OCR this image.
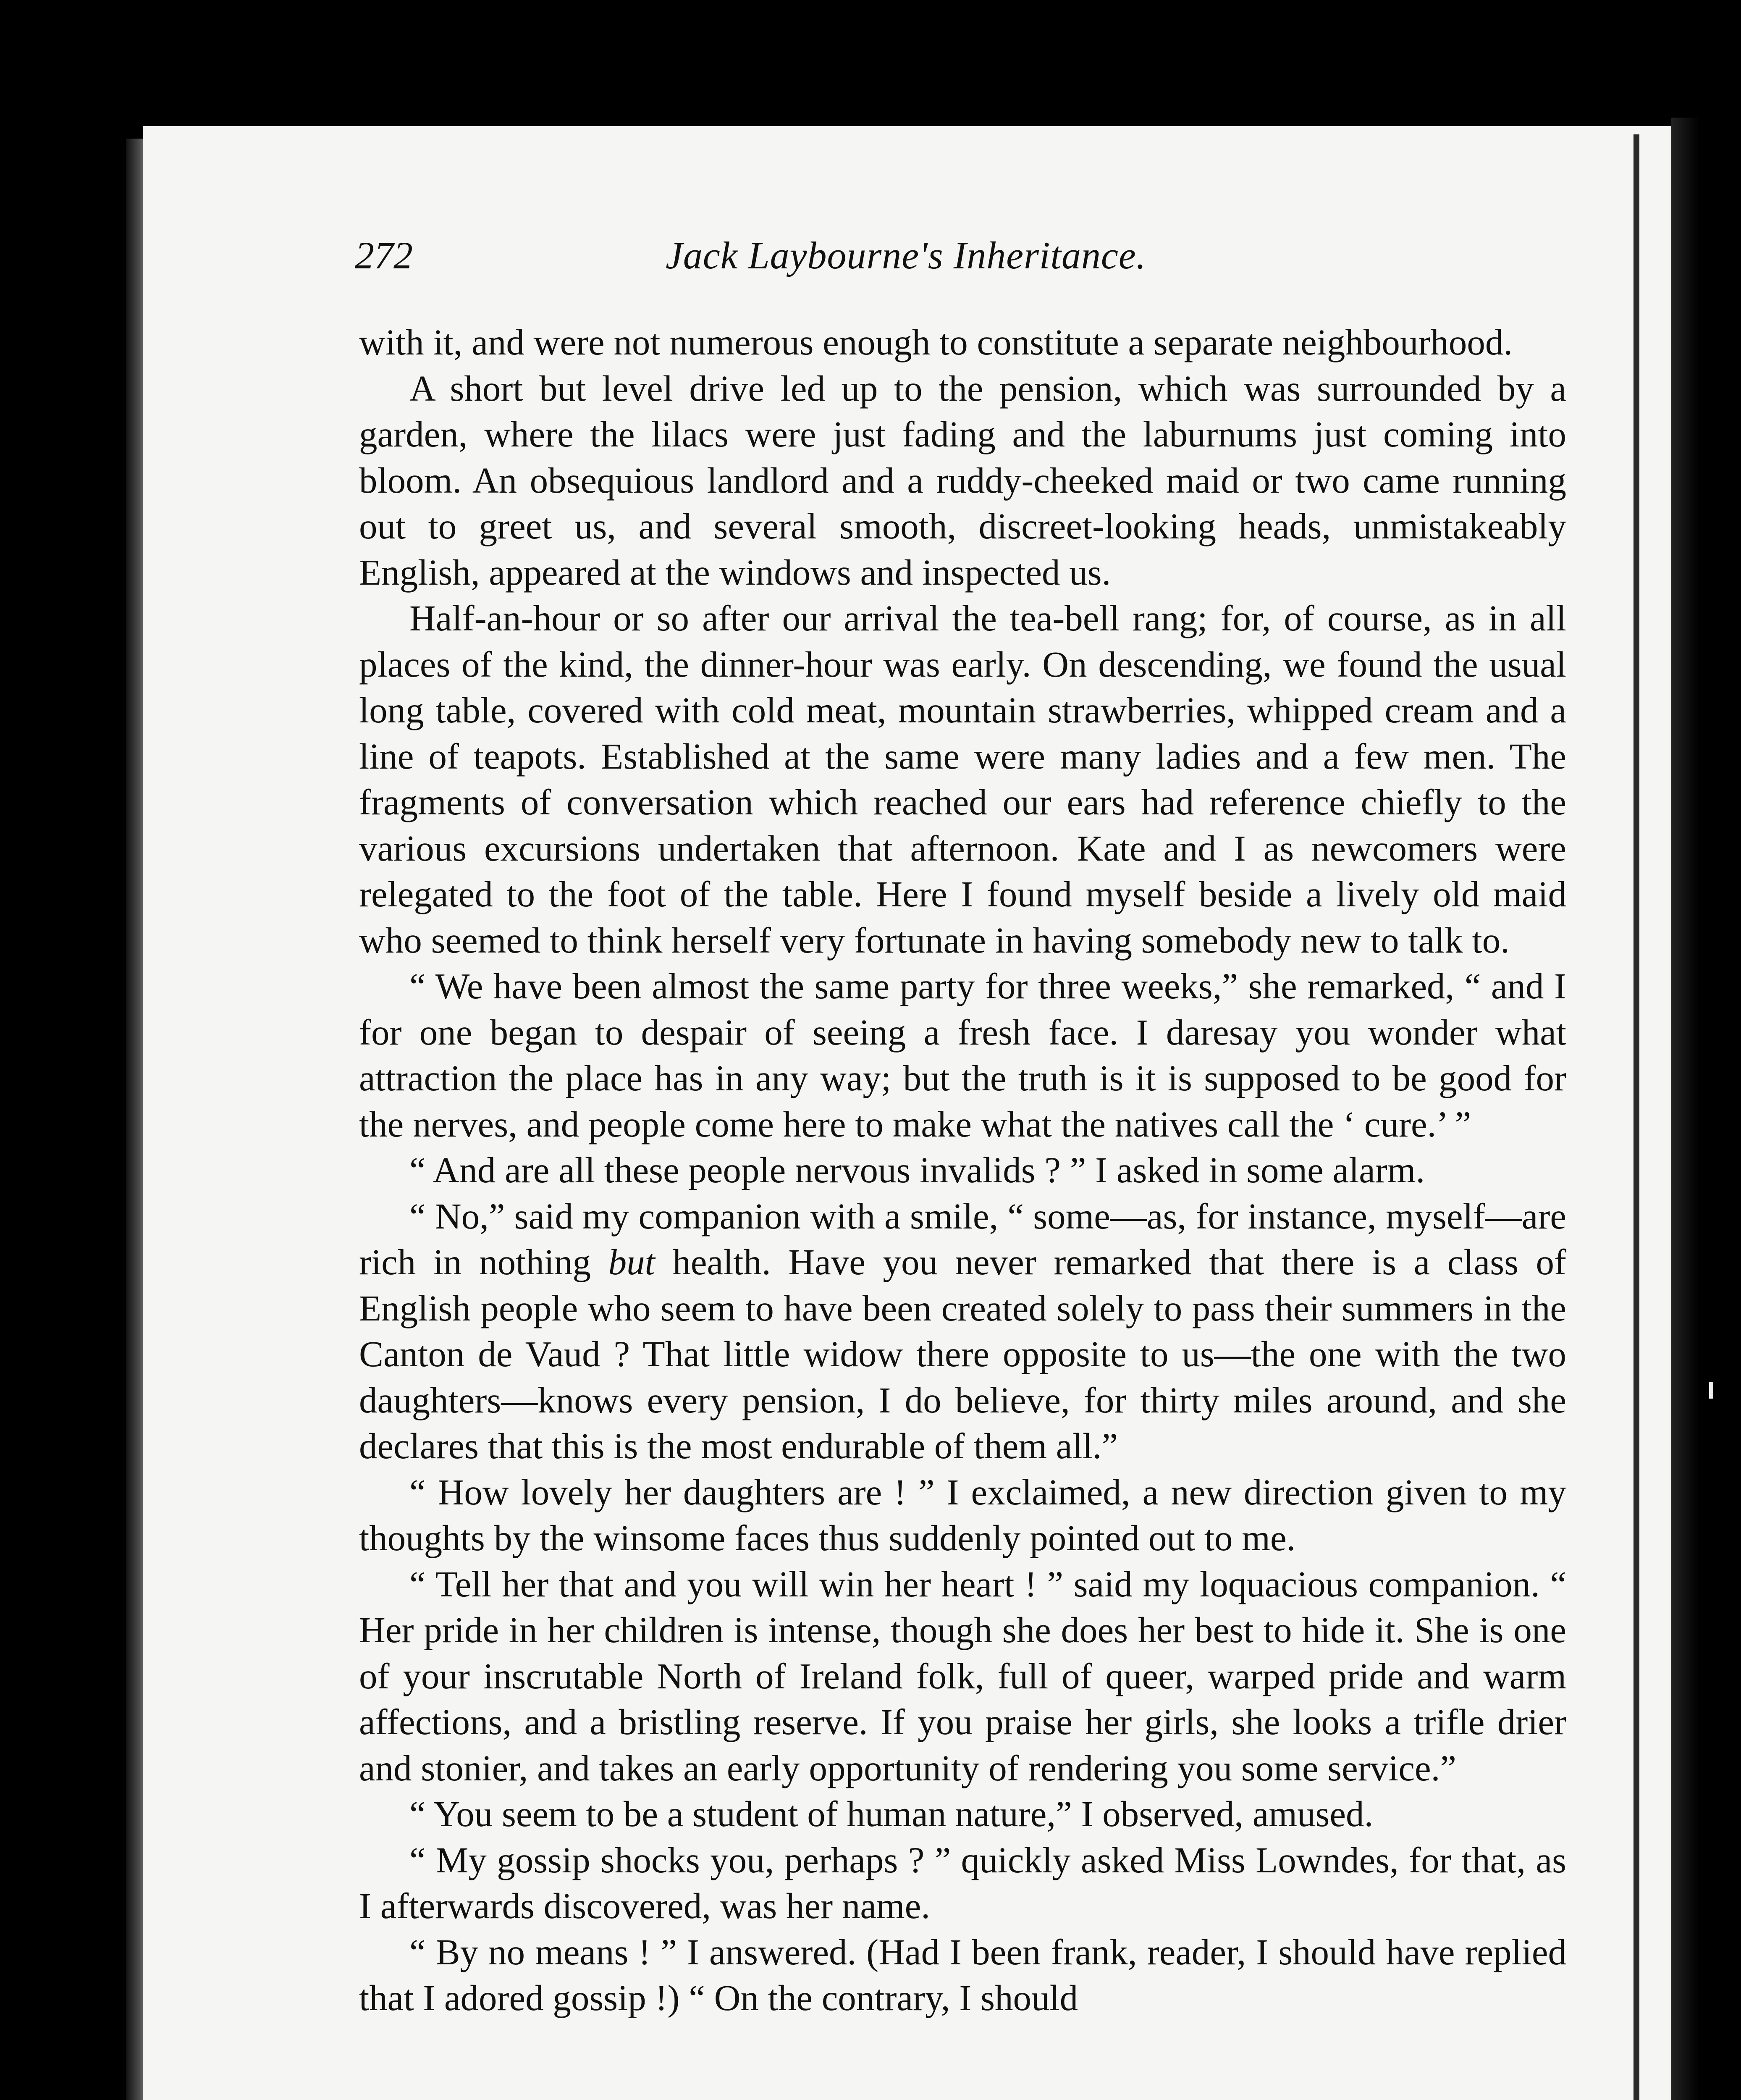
272	Jack Laybourne's Inheritance.

with it, and were not numerous enough to constitute a separate neighbourhood.

A short but level drive led up to the pension, which was surrounded by a garden, where the lilacs were just fading and the laburnums just coming into bloom. An obsequious landlord and a ruddy-cheeked maid or two came running out to greet us, and several smooth, discreet-looking heads, unmistakeably English, appeared at the windows and inspected us.

Half-an-hour or so after our arrival the tea-bell rang; for, of course, as in all places of the kind, the dinner-hour was early. On descending, we found the usual long table, covered with cold meat, mountain strawberries, whipped cream and a line of teapots. Established at the same were many ladies and a few men. The fragments of conversation which reached our ears had reference chiefly to the various excursions undertaken that afternoon. Kate and I as newcomers were relegated to the foot of the table. Here I found myself beside a lively old maid who seemed to think herself very fortunate in having somebody new to talk to.

“ We have been almost the same party for three weeks,” she remarked, “ and I for one began to despair of seeing a fresh face. I daresay you wonder what attraction the place has in any way; but the truth is it is supposed to be good for the nerves, and people come here to make what the natives call the ‘ cure.’ ”

“ And are all these people nervous invalids ? ” I asked in some alarm.

“ No,” said my companion with a smile, “ some—as, for instance, myself—are rich in nothing but health. Have you never remarked that there is a class of English people who seem to have been created solely to pass their summers in the Canton de Vaud ? That little widow there opposite to us—the one with the two daughters—knows every pension, I do believe, for thirty miles around, and she declares that this is the most endurable of them all.”

“ How lovely her daughters are ! ” I exclaimed, a new direction given to my thoughts by the winsome faces thus suddenly pointed out to me.

“ Tell her that and you will win her heart ! ” said my loquacious companion. “ Her pride in her children is intense, though she does her best to hide it. She is one of your inscrutable North of Ireland folk, full of queer, warped pride and warm affections, and a bristling reserve. If you praise her girls, she looks a trifle drier and stonier, and takes an early opportunity of rendering you some service.”

“ You seem to be a student of human nature,” I observed, amused.

“ My gossip shocks you, perhaps ? ” quickly asked Miss Lowndes, for that, as I afterwards discovered, was her name.

“ By no means ! ” I answered. (Had I been frank, reader, I should have replied that I adored gossip !) “ On the contrary, I should
